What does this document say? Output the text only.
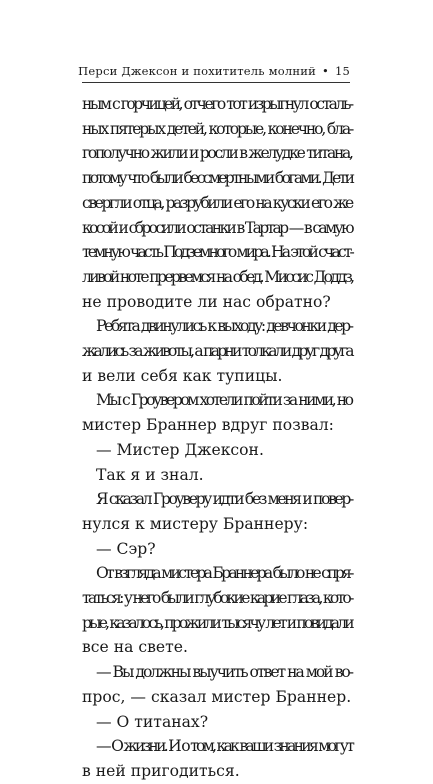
Перси Джексон и похититель молний • 15
ным с горчицей, отчего тот изрыгнул осталь-
ных пятерых детей, которые, конечно, бла-
гополучно жили и росли в желудке титана,
потому что были бессмертными богами. Дети
свергли отца, разрубили его на куски его же
косой и сбросили останки в Тартар — в самую
темную часть Подземного мира. На этой счаст-
ливой ноте прервемся на обед. Миссис Доддз,
не проводите ли нас обратно?
Ребята двинулись к выходу: девчонки дер-
жались за животы, а парни толкали друг друга
и вели себя как тупицы.
Мы с Гроувером хотели пойти за ними, но
мистер Браннер вдруг позвал:
— Мистер Джексон.
Так я и знал.
Я сказал Гроуверу идти без меня и повер-
нулся к мистеру Браннеру:
— Сэр?
От взгляда мистера Браннера было не спря-
таться: у него были глубокие карие глаза, кото-
рые, казалось, прожили тысячу лет и повидали
все на свете.
— Вы должны выучить ответ на мой во-
прос, — сказал мистер Браннер.
— О титанах?
— О жизни. И о том, как ваши знания могут
в ней пригодиться.
